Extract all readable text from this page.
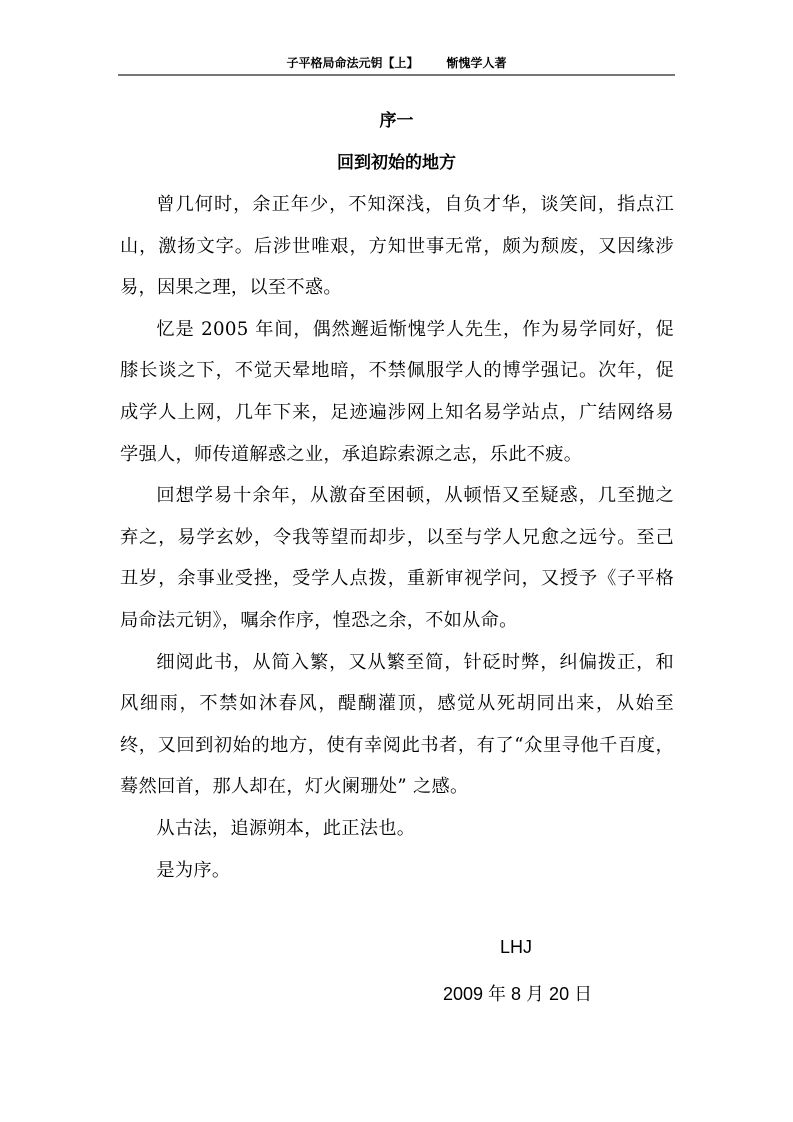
子平格局命法元钥【上】 惭愧学人著
序一
回到初始的地方

曾几何时，余正年少，不知深浅，自负才华，谈笑间，指点江山，激扬文字。后涉世唯艰，方知世事无常，颇为颓废，又因缘涉易，因果之理，以至不惑。

忆是 2005 年间，偶然邂逅惭愧学人先生，作为易学同好，促膝长谈之下，不觉天晕地暗，不禁佩服学人的博学强记。次年，促成学人上网，几年下来，足迹遍涉网上知名易学站点，广结网络易学强人，师传道解惑之业，承追踪索源之志，乐此不疲。

回想学易十余年，从激奋至困顿，从顿悟又至疑惑，几至抛之弃之，易学玄妙，令我等望而却步，以至与学人兄愈之远兮。至己丑岁，余事业受挫，受学人点拨，重新审视学问，又授予《子平格局命法元钥》，嘱余作序，惶恐之余，不如从命。

细阅此书，从简入繁，又从繁至简，针砭时弊，纠偏拨正，和风细雨，不禁如沐春风，醍醐灌顶，感觉从死胡同出来，从始至终，又回到初始的地方，使有幸阅此书者，有了“众里寻他千百度，蓦然回首，那人却在，灯火阑珊处” 之感。

从古法，追源朔本，此正法也。

是为序。

LHJ
2009 年 8 月 20 日
